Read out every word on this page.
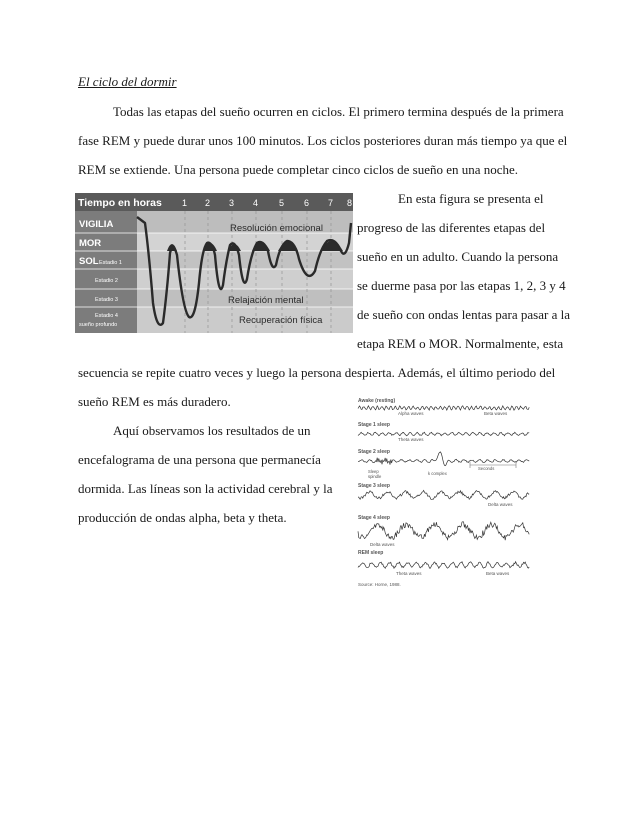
El ciclo del dormir
Todas las etapas del sueño ocurren en ciclos. El primero termina después de la primera
fase REM y puede durar unos 100 minutos. Los ciclos posteriores duran más tiempo ya que el
REM se extiende. Una persona puede completar cinco ciclos de sueño en una noche.
En esta figura se presenta el
progreso de las diferentes etapas del
sueño en un adulto. Cuando la persona
se duerme pasa por las etapas 1, 2, 3 y 4
de sueño con ondas lentas para pasar a la
etapa REM o MOR. Normalmente, esta
secuencia se repite cuatro veces y luego la persona despierta. Además, el último periodo del
sueño REM es más duradero.
Aquí observamos los resultados de un
encefalograma de una persona que permanecía
dormida. Las líneas son la actividad cerebral y la
producción de ondas alpha, beta y theta.
Tiempo en horas 1 2 3 4 5 6 7 8
VIGILIA
MOR
SOL Estadio 1
Estadio 2
Estadio 3
Estadio 4
sueño profundo
Resolución emocional
Relajación mental
Recuperación física
Awake (resting)
Alpha waves	Beta waves
Stage 1 sleep
Theta waves
Stage 2 sleep
Sleep
spindle
k complex
Seconds
Stage 3 sleep
Delta waves
Stage 4 sleep
Delta waves
REM sleep
Theta waves	Beta waves
Source: Horne, 1988.
